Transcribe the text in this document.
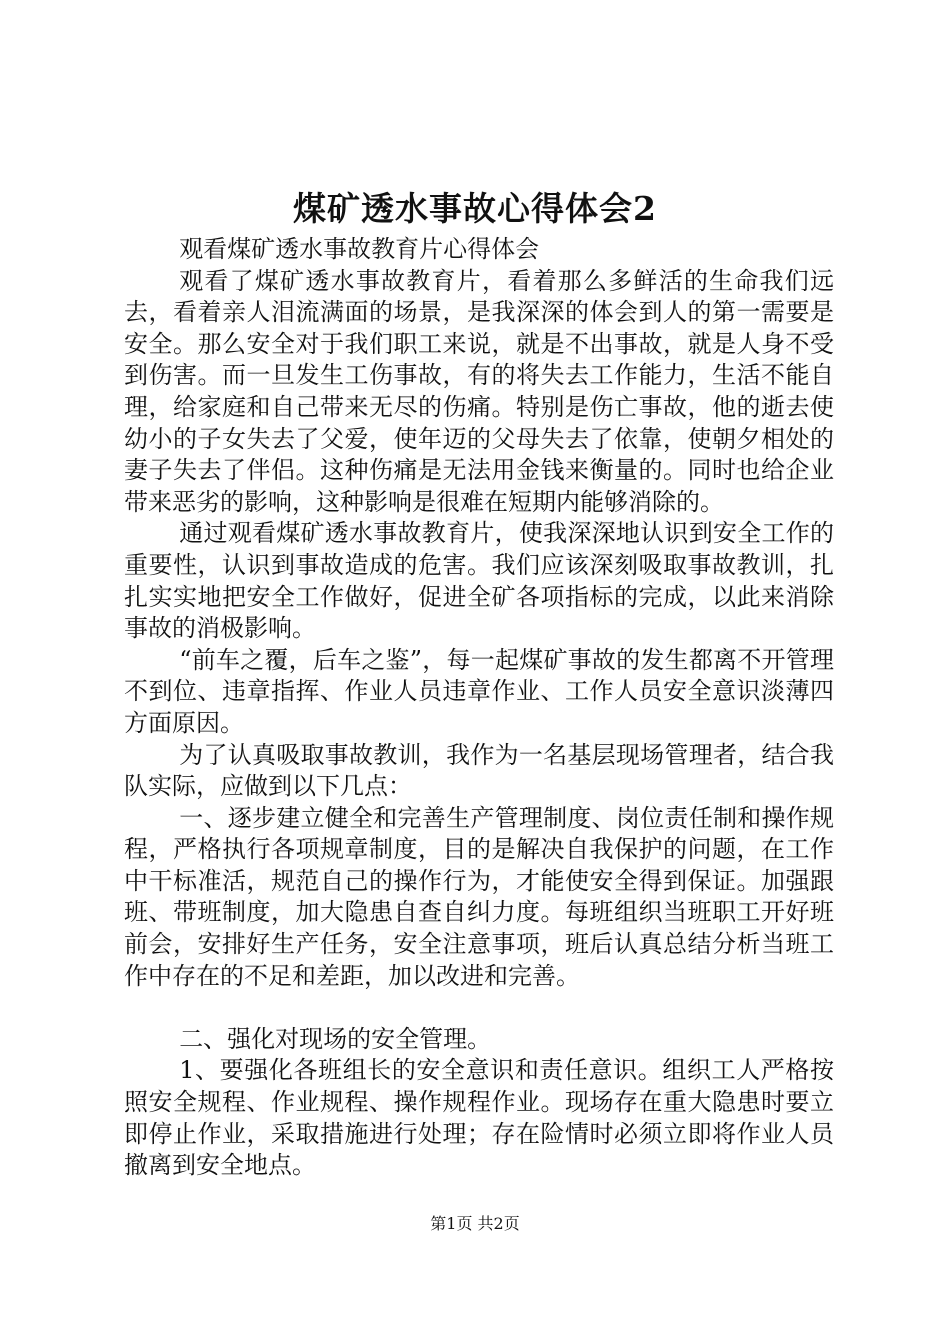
煤矿透水事故心得体会2

观看煤矿透水事故教育片心得体会

观看了煤矿透水事故教育片，看着那么多鲜活的生命我们远去，看着亲人泪流满面的场景，是我深深的体会到人的第一需要是安全。那么安全对于我们职工来说，就是不出事故，就是人身不受到伤害。而一旦发生工伤事故，有的将失去工作能力，生活不能自理，给家庭和自己带来无尽的伤痛。特别是伤亡事故，他的逝去使幼小的子女失去了父爱，使年迈的父母失去了依靠，使朝夕相处的妻子失去了伴侣。这种伤痛是无法用金钱来衡量的。同时也给企业带来恶劣的影响，这种影响是很难在短期内能够消除的。

通过观看煤矿透水事故教育片，使我深深地认识到安全工作的重要性，认识到事故造成的危害。我们应该深刻吸取事故教训，扎扎实实地把安全工作做好，促进全矿各项指标的完成，以此来消除事故的消极影响。

“前车之覆，后车之鉴”，每一起煤矿事故的发生都离不开管理不到位、违章指挥、作业人员违章作业、工作人员安全意识淡薄四方面原因。

为了认真吸取事故教训，我作为一名基层现场管理者，结合我队实际，应做到以下几点：

一、逐步建立健全和完善生产管理制度、岗位责任制和操作规程，严格执行各项规章制度，目的是解决自我保护的问题，在工作中干标准活，规范自己的操作行为，才能使安全得到保证。加强跟班、带班制度，加大隐患自查自纠力度。每班组织当班职工开好班前会，安排好生产任务，安全注意事项，班后认真总结分析当班工作中存在的不足和差距，加以改进和完善。

二、强化对现场的安全管理。

1、要强化各班组长的安全意识和责任意识。组织工人严格按照安全规程、作业规程、操作规程作业。现场存在重大隐患时要立即停止作业，采取措施进行处理；存在险情时必须立即将作业人员撤离到安全地点。

第1页 共2页
